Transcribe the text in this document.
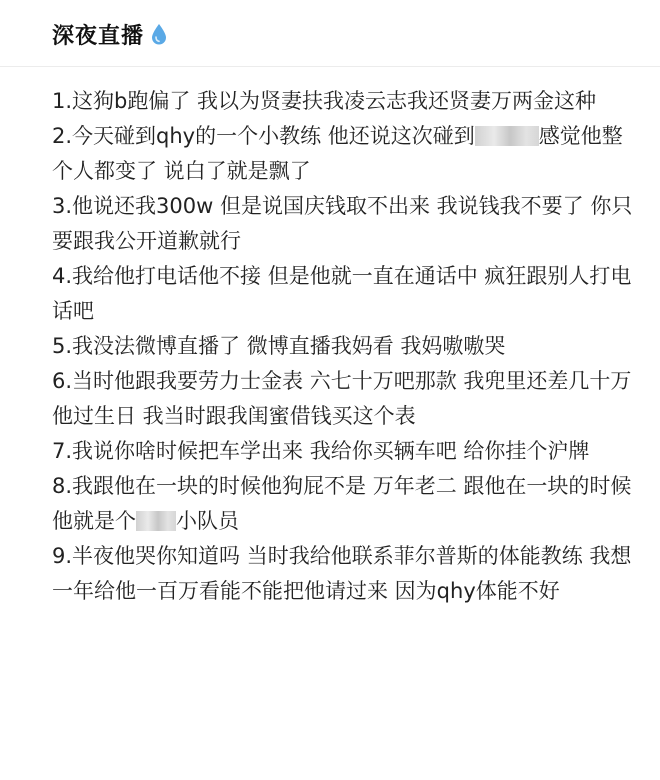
深夜直播

1.这狗b跑偏了 我以为贤妻扶我凌云志我还贤妻万两金这种

2.今天碰到qhy的一个小教练 他还说这次碰到	感觉他整个人都变了 说白了就是飘了

3.他说还我300w 但是说国庆钱取不出来 我说钱我不要了 你只要跟我公开道歉就行

4.我给他打电话他不接 但是他就一直在通话中 疯狂跟别人打电话吧

5.我没法微博直播了 微博直播我妈看 我妈嗷嗷哭

6.当时他跟我要劳力士金表 六七十万吧那款 我兜里还差几十万 他过生日 我当时跟我闺蜜借钱买这个表

7.我说你啥时候把车学出来 我给你买辆车吧 给你挂个沪牌

8.我跟他在一块的时候他狗屁不是 万年老二 跟他在一块的时候他就是个 小队员

9.半夜他哭你知道吗 当时我给他联系菲尔普斯的体能教练 我想一年给他一百万看能不能把他请过来 因为qhy体能不好
